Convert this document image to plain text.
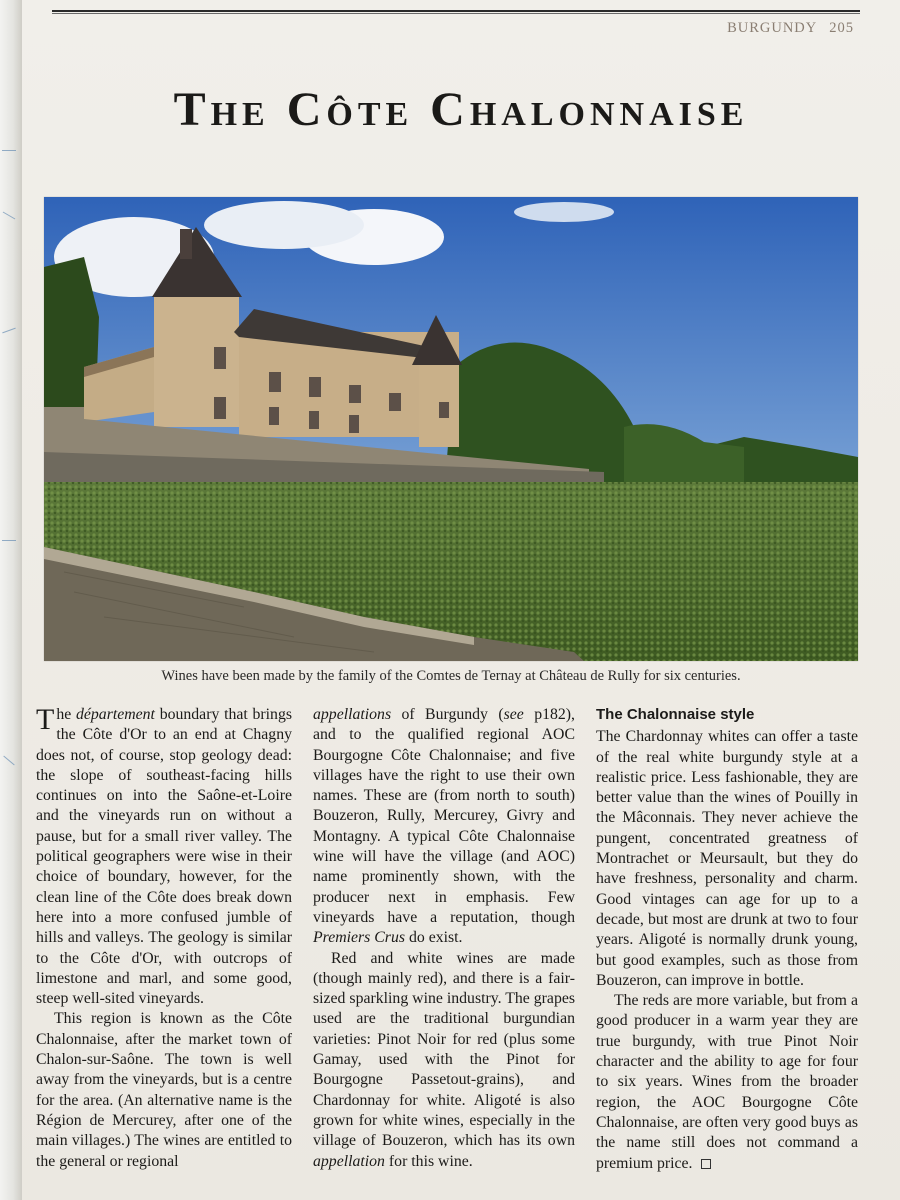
BURGUNDY 205
The Côte Chalonnaise
Wines have been made by the family of the Comtes de Ternay at Château de Rully for six centuries.

The département boundary that brings the Côte d'Or to an end at Chagny does not, of course, stop geology dead: the slope of southeast-facing hills continues on into the Saône-et-Loire and the vineyards run on without a pause, but for a small river valley. The political geographers were wise in their choice of boundary, however, for the clean line of the Côte does break down here into a more confused jumble of hills and valleys. The geology is similar to the Côte d'Or, with outcrops of limestone and marl, and some good, steep well-sited vineyards.

This region is known as the Côte Chalonnaise, after the market town of Chalon-sur-Saône. The town is well away from the vineyards, but is a centre for the area. (An alternative name is the Région de Mercurey, after one of the main villages.) The wines are entitled to the general or regional

appellations of Burgundy (see p182), and to the qualified regional AOC Bourgogne Côte Chalonnaise; and five villages have the right to use their own names. These are (from north to south) Bouzeron, Rully, Mercurey, Givry and Montagny. A typical Côte Chalonnaise wine will have the village (and AOC) name prominently shown, with the producer next in emphasis. Few vineyards have a reputation, though Premiers Crus do exist.

Red and white wines are made (though mainly red), and there is a fair-sized sparkling wine industry. The grapes used are the traditional burgundian varieties: Pinot Noir for red (plus some Gamay, used with the Pinot for Bourgogne Passetout-grains), and Chardonnay for white. Aligoté is also grown for white wines, especially in the village of Bouzeron, which has its own appellation for this wine.

The Chalonnaise style

The Chardonnay whites can offer a taste of the real white burgundy style at a realistic price. Less fashionable, they are better value than the wines of Pouilly in the Mâconnais. They never achieve the pungent, concentrated greatness of Montrachet or Meursault, but they do have freshness, personality and charm. Good vintages can age for up to a decade, but most are drunk at two to four years. Aligoté is normally drunk young, but good examples, such as those from Bouzeron, can improve in bottle.

The reds are more variable, but from a good producer in a warm year they are true burgundy, with true Pinot Noir character and the ability to age for four to six years. Wines from the broader region, the AOC Bourgogne Côte Chalonnaise, are often very good buys as the name still does not command a premium price.
